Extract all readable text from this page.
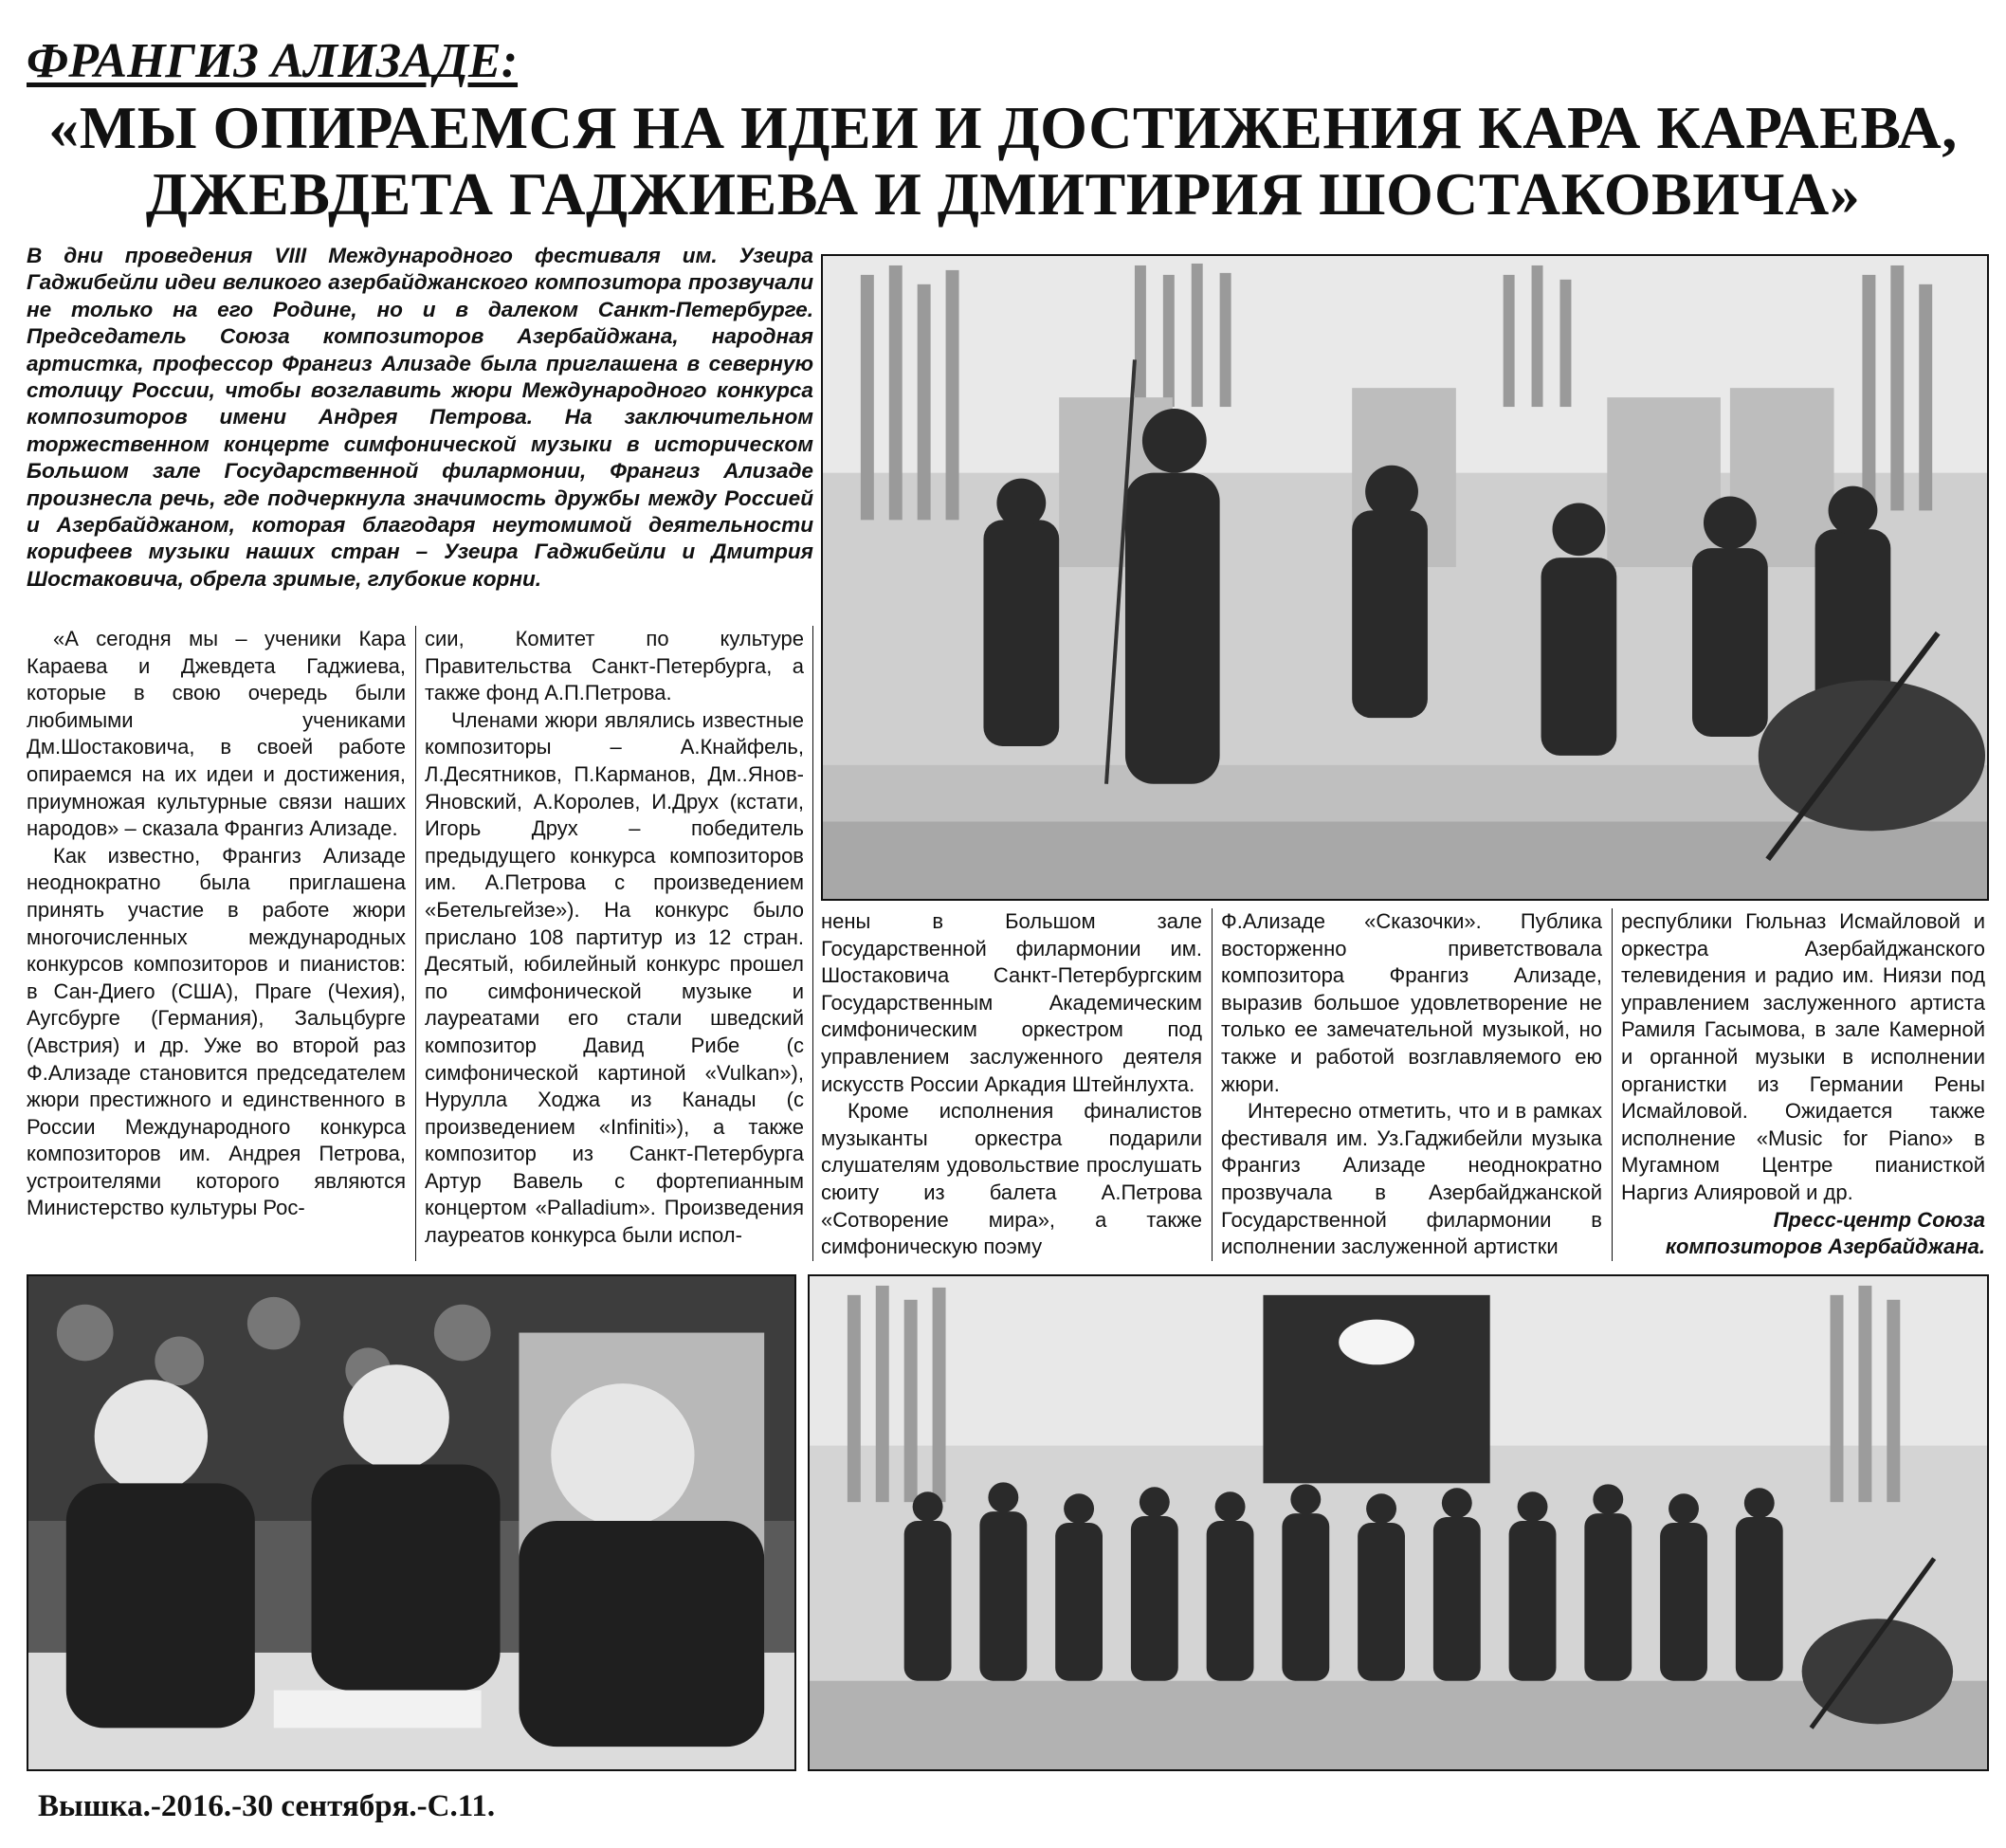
ФРАНГИЗ АЛИЗАДЕ:
«МЫ ОПИРАЕМСЯ НА ИДЕИ И ДОСТИЖЕНИЯ КАРА КАРАЕВА,
ДЖЕВДЕТА ГАДЖИЕВА И ДМИТИРИЯ ШОСТАКОВИЧА»
В дни проведения VIII Международного фестиваля им. Узеира Гаджибейли идеи великого азербайджанского композитора прозвучали не только на его Родине, но и в далеком Санкт-Петербурге. Председатель Союза композиторов Азербайджана, народная артистка, профессор Франгиз Ализаде была приглашена в северную столицу России, чтобы возглавить жюри Международного конкурса композиторов имени Андрея Петрова. На заключительном торжественном концерте симфонической музыки в историческом Большом зале Государственной филармонии, Франгиз Ализаде произнесла речь, где подчеркнула значимость дружбы между Россией и Азербайджаном, которая благодаря неутомимой деятельности корифеев музыки наших стран – Узеира Гаджибейли и Дмитрия Шостаковича, обрела зримые, глубокие корни.

«А сегодня мы – ученики Кара Караева и Джевдета Гаджиева, которые в свою очередь были любимыми учениками Дм.Шостаковича, в своей работе опираемся на их идеи и достижения, приумножая культурные связи наших народов» – сказала Франгиз Ализаде.

Как известно, Франгиз Ализаде неоднократно была приглашена принять участие в работе жюри многочисленных международных конкурсов композиторов и пианистов: в Сан-Диего (США), Праге (Чехия), Аугсбурге (Германия), Зальцбурге (Австрия) и др. Уже во второй раз Ф.Ализаде становится председателем жюри престижного и единственного в России Международного конкурса композиторов им. Андрея Петрова, устроителями которого являются Министерство культуры Рос-

сии, Комитет по культуре Правительства Санкт-Петербурга, а также фонд А.П.Петрова.

Членами жюри являлись известные композиторы – А.Кнайфель, Л.Десятников, П.Карманов, Дм..Янов-Яновский, А.Королев, И.Друх (кстати, Игорь Друх – победитель предыдущего конкурса композиторов им. А.Петрова с произведением «Бетельгейзе»). На конкурс было прислано 108 партитур из 12 стран. Десятый, юбилейный конкурс прошел по симфонической музыке и лауреатами его стали шведский композитор Давид Рибе (с симфонической картиной «Vulkan»), Нурулла Ходжа из Канады (с произведением «Infiniti»), а также композитор из Санкт-Петербурга Артур Вавель с фортепианным концертом «Palladium». Произведения лауреатов конкурса были испол-

нены в Большом зале Государственной филармонии им. Шостаковича Санкт-Петербургским Государственным Академическим симфоническим оркестром под управлением заслуженного деятеля искусств России Аркадия Штейнлухта.

Кроме исполнения финалистов музыканты оркестра подарили слушателям удовольствие прослушать сюиту из балета А.Петрова «Сотворение мира», а также симфоническую поэму

Ф.Ализаде «Сказочки». Публика восторженно приветствовала композитора Франгиз Ализаде, выразив большое удовлетворение не только ее замечательной музыкой, но также и работой возглавляемого ею жюри.

Интересно отметить, что и в рамках фестиваля им. Уз.Гаджибейли музыка Франгиз Ализаде неоднократно прозвучала в Азербайджанской Государственной филармонии в исполнении заслуженной артистки

республики Гюльназ Исмайловой и оркестра Азербайджанского телевидения и радио им. Ниязи под управлением заслуженного артиста Рамиля Гасымова, в зале Камерной и органной музыки в исполнении органистки из Германии Рены Исмайловой. Ожидается также исполнение «Music for Piano» в Мугамном Центре пианисткой Наргиз Алияровой и др.

Пресс-центр Союза композиторов Азербайджана.

Вышка.-2016.-30 сентября.-С.11.
